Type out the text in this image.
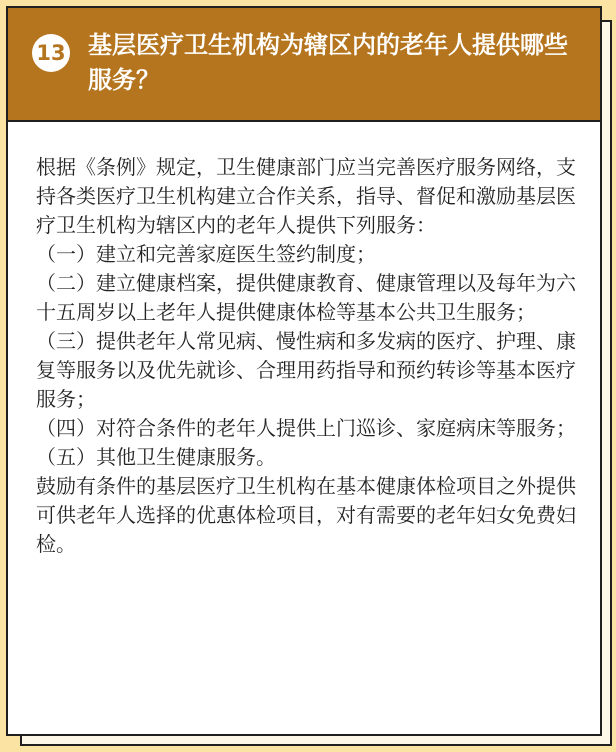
13 基层医疗卫生机构为辖区内的老年人提供哪些服务？

根据《条例》规定，卫生健康部门应当完善医疗服务网络，支持各类医疗卫生机构建立合作关系，指导、督促和激励基层医疗卫生机构为辖区内的老年人提供下列服务：

（一）建立和完善家庭医生签约制度；

（二）建立健康档案，提供健康教育、健康管理以及每年为六十五周岁以上老年人提供健康体检等基本公共卫生服务；

（三）提供老年人常见病、慢性病和多发病的医疗、护理、康复等服务以及优先就诊、合理用药指导和预约转诊等基本医疗服务；

（四）对符合条件的老年人提供上门巡诊、家庭病床等服务；

（五）其他卫生健康服务。

鼓励有条件的基层医疗卫生机构在基本健康体检项目之外提供可供老年人选择的优惠体检项目，对有需要的老年妇女免费妇检。
